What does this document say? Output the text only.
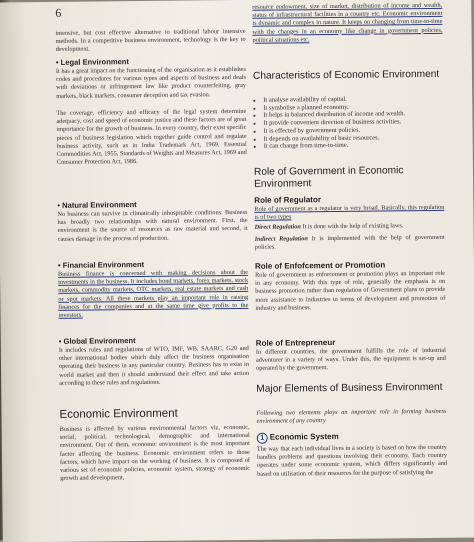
6

intensive, but cost effective alternative to traditional labour intensive methods. In a competitive business environment, technology is the key to development.

• Legal Environment

It has a great impact on the functioning of the organisation as it establishes codes and procedures for various types and aspects of business and deals with deviations or infringement law like product counterfeiting, gray markets, black markets, consumer deception and tax evasion.

The coverage, efficiency and efficacy of the legal system determine adequacy, cost and speed of economic justice and these factors are of great importance for the growth of business. In every country, their exist specific pieces of business legislation which together guide control and regulate business activity, such as in India Trademark Act, 1969, Essential Commodities Act, 1955, Standards of Weights and Measures Act, 1969 and Consumer Protection Act, 1986.

• Natural Environment

No business can survive in climatically inhospitable conditions. Business has broadly two relationships with natural environment. First, the environment is the source of resources as raw material and second, it causes damage in the process of production.

• Financial Environment

Business finance is concerned with making decisions about the investments in the business. It includes bond markets, forex markets, stock markets, commodity markets, OTC markets, real estate markets and cash or spot markets. All these markets play an important role in raising finances for the companies and at the same time give profits to the investors.

• Global Environment

It includes rules and regulations of WTO, IMF, WB, SAARC, G20 and other international bodies which duly affect the business organisation operating their business in any particular country. Business has to exist in world market and then it should understand their effect and take action according to these rules and regulations.

Economic Environment

Business is affected by various environmental factors viz, economic, social, political, technological, demographic and international environment. Out of them, economic environment is the most important factor affecting the business. Economic environment refers to those factors, which have impact on the working of business. It is composed of various set of economic policies, economic system, strategy of economic growth and development,

resource endowment, size of market, distribution of income and wealth, status of infrastructural facilities in a country etc. Economic environment is dynamic and complex in nature. It keeps on changing from time-to-time with the changes in an economy like change in government policies, political situations etc.

Characteristics of Economic Environment
• It analyse availability of capital.
• It symbolise a planned economy.
• It helps in balanced distribution of income and wealth.
• It provide convenient direction of business activities.
• It is effected by government policies.
• It depends on availability of basic resources.
• It can change from time-to-time.
Role of Government in Economic Environment
Role of Regulator

Role of government as a regulator is very broad. Basically, this regulation is of two types

Direct Regulation It is done with the help of existing laws.

Indirect Regulation It is implemented with the help of government policies.

Role of Enfofcement or Promotion

Role of government as enforcement or promotion plays an important role in any economy. With this type of role, generally the emphasis is on business promotion rather than regulation of Government plans to provide more assistance to industries in terms of development and promotion of industry and business.

Role of Entrepreneur

In different countries, the government fulfills the role of industrial adventurer in a variety of ways. Under this, the equipment is set-up and operated by the government.

Major Elements of Business Environment

Following two elements plays an important role in forming business environment of any country

1 Economic System

The way that each individual lives in a society is based on how the country handles problems and questions involving their economy. Each country operates under some economic system, which differs significantly and based on utilisation of their resources for the purpose of satisfying the
